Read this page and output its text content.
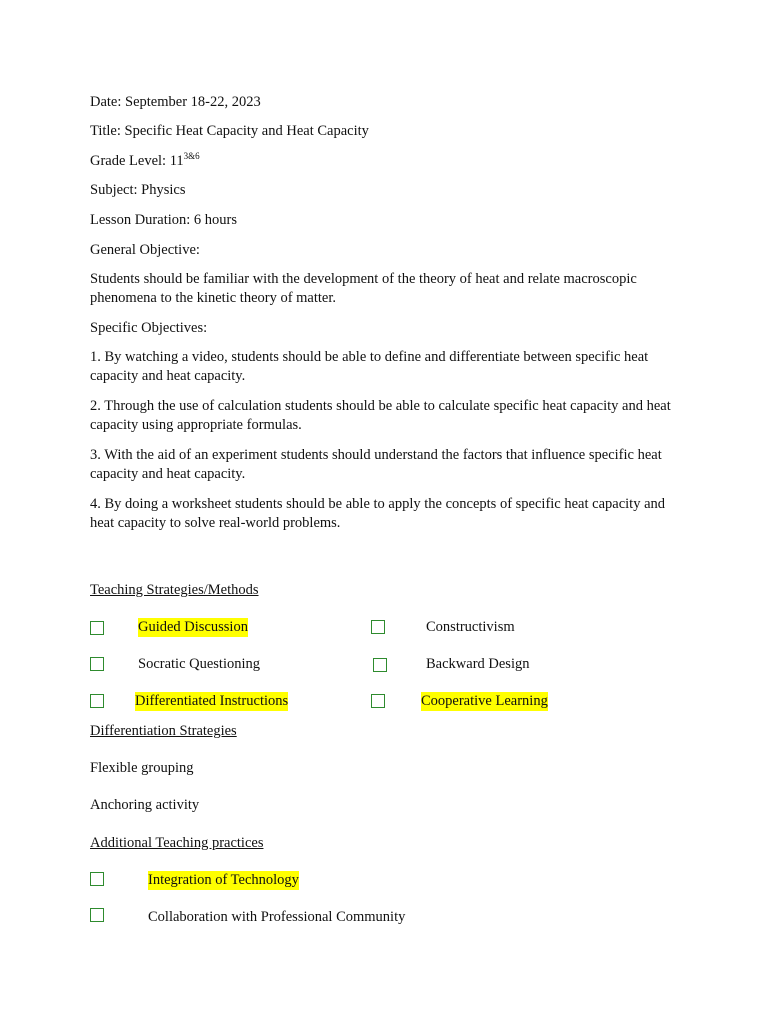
Date: September 18-22, 2023
Title: Specific Heat Capacity and Heat Capacity
Grade Level: $11^{3\&6}$
Subject: Physics
Lesson Duration: 6 hours
General Objective:
Students should be familiar with the development of the theory of heat and relate macroscopic phenomena to the kinetic theory of matter.
Specific Objectives:
1. By watching a video, students should be able to define and differentiate between specific heat capacity and heat capacity.
2. Through the use of calculation students should be able to calculate specific heat capacity and heat capacity using appropriate formulas.
3. With the aid of an experiment students should understand the factors that influence specific heat capacity and heat capacity.
4. By doing a worksheet students should be able to apply the concepts of specific heat capacity and heat capacity to solve real-world problems.
Teaching Strategies/Methods
Guided Discussion	Constructivism
Socratic Questioning	Backward Design
Differentiated Instructions	Cooperative Learning
Differentiation Strategies
Flexible grouping
Anchoring activity
Additional Teaching practices
Integration of Technology
Collaboration with Professional Community
